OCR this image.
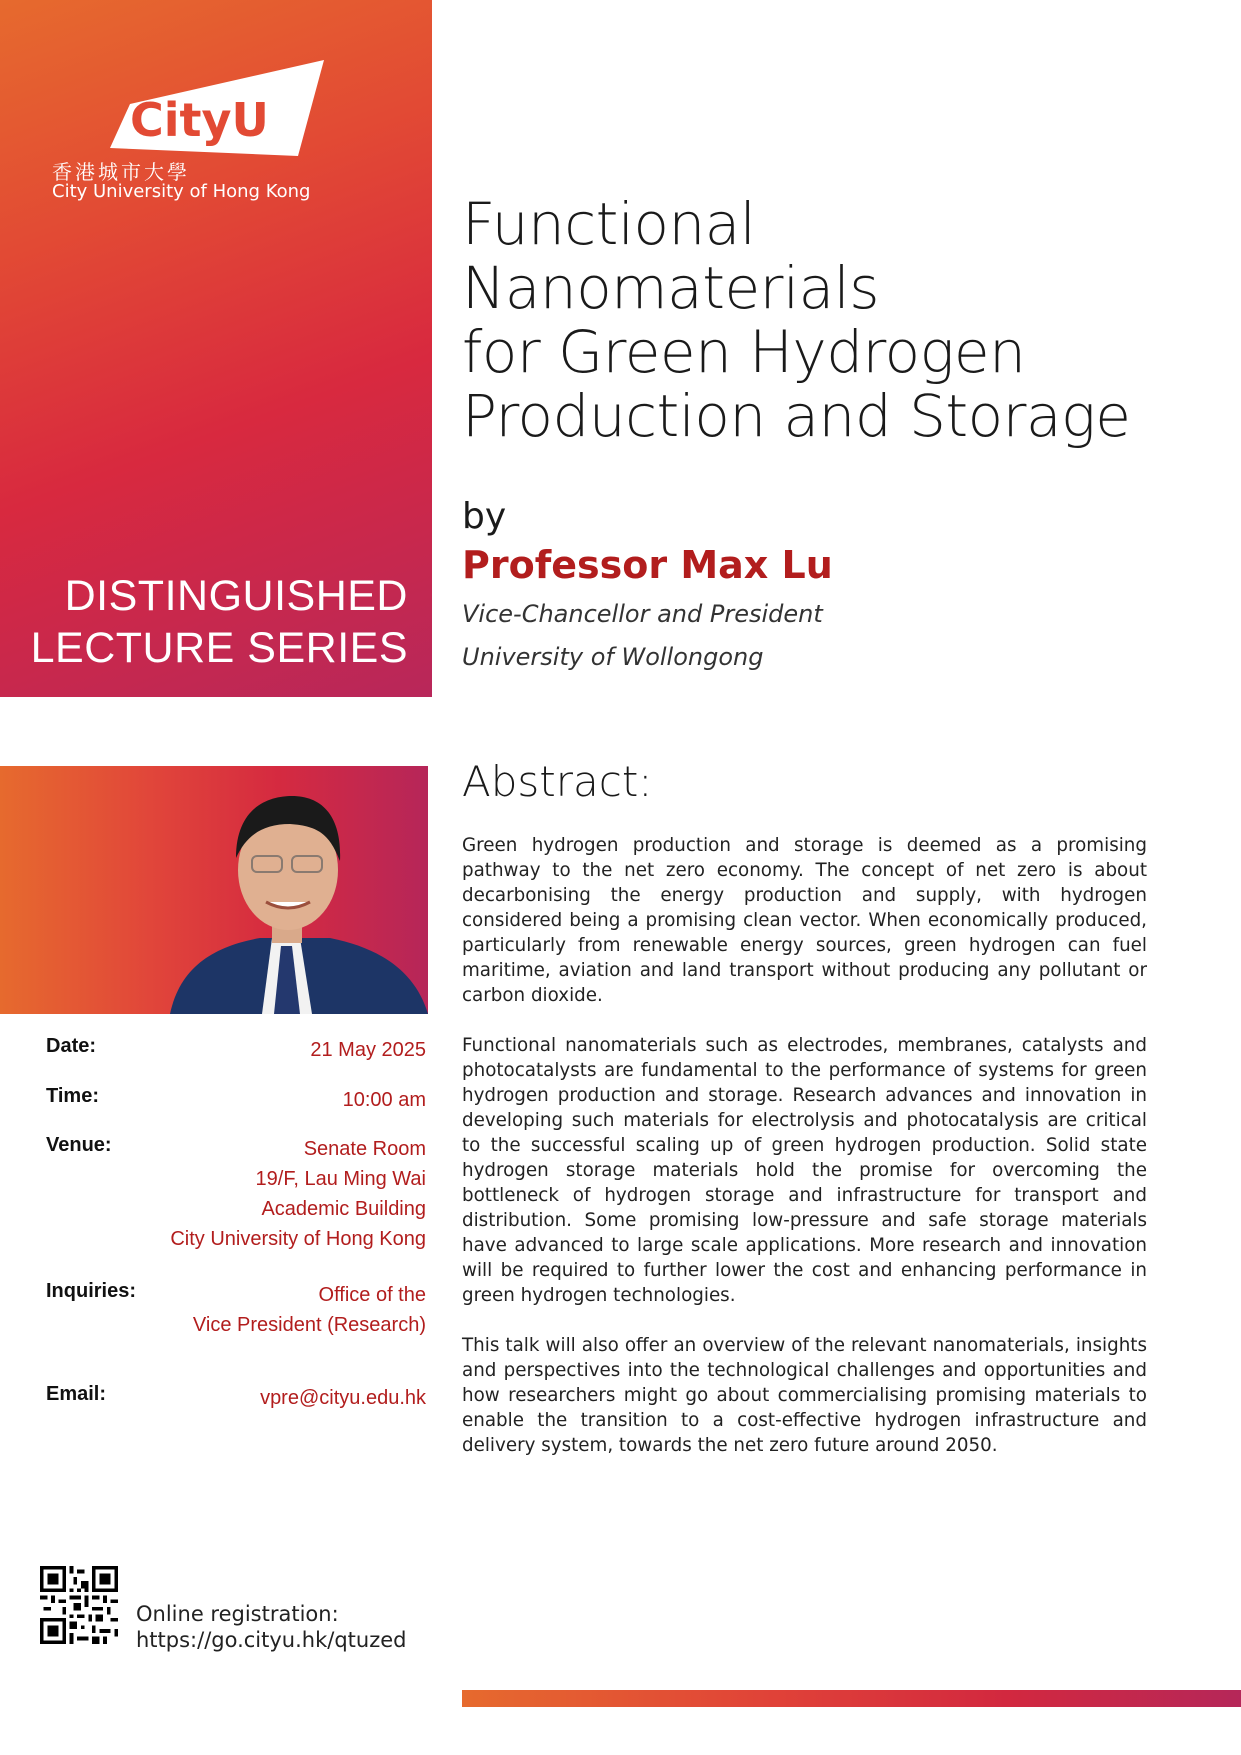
CityU
香港城市大學
City University of Hong Kong
DISTINGUISHED
LECTURE SERIES
Functional
Nanomaterials
for Green Hydrogen
Production and Storage
by
Professor Max Lu
Vice-Chancellor and President
University of Wollongong
Date:	21 May 2025
Time:	10:00 am
Venue:	Senate Room
19/F, Lau Ming Wai
Academic Building
City University of Hong Kong
Inquiries:	Office of the
Vice President (Research)
Email:	vpre@cityu.edu.hk
Abstract:

Green hydrogen production and storage is deemed as a promising pathway to the net zero economy. The concept of net zero is about decarbonising the energy production and supply, with hydrogen considered being a promising clean vector. When economically produced, particularly from renewable energy sources, green hydrogen can fuel maritime, aviation and land transport without producing any pollutant or carbon dioxide.

Functional nanomaterials such as electrodes, membranes, catalysts and photocatalysts are fundamental to the performance of systems for green hydrogen production and storage. Research advances and innovation in developing such materials for electrolysis and photocatalysis are critical to the successful scaling up of green hydrogen production. Solid state hydrogen storage materials hold the promise for overcoming the bottleneck of hydrogen storage and infrastructure for transport and distribution. Some promising low-pressure and safe storage materials have advanced to large scale applications. More research and innovation will be required to further lower the cost and enhancing performance in green hydrogen technologies.

This talk will also offer an overview of the relevant nanomaterials, insights and perspectives into the technological challenges and opportunities and how researchers might go about commercialising promising materials to enable the transition to a cost-effective hydrogen infrastructure and delivery system, towards the net zero future around 2050.

Online registration:
https://go.cityu.hk/qtuzed
